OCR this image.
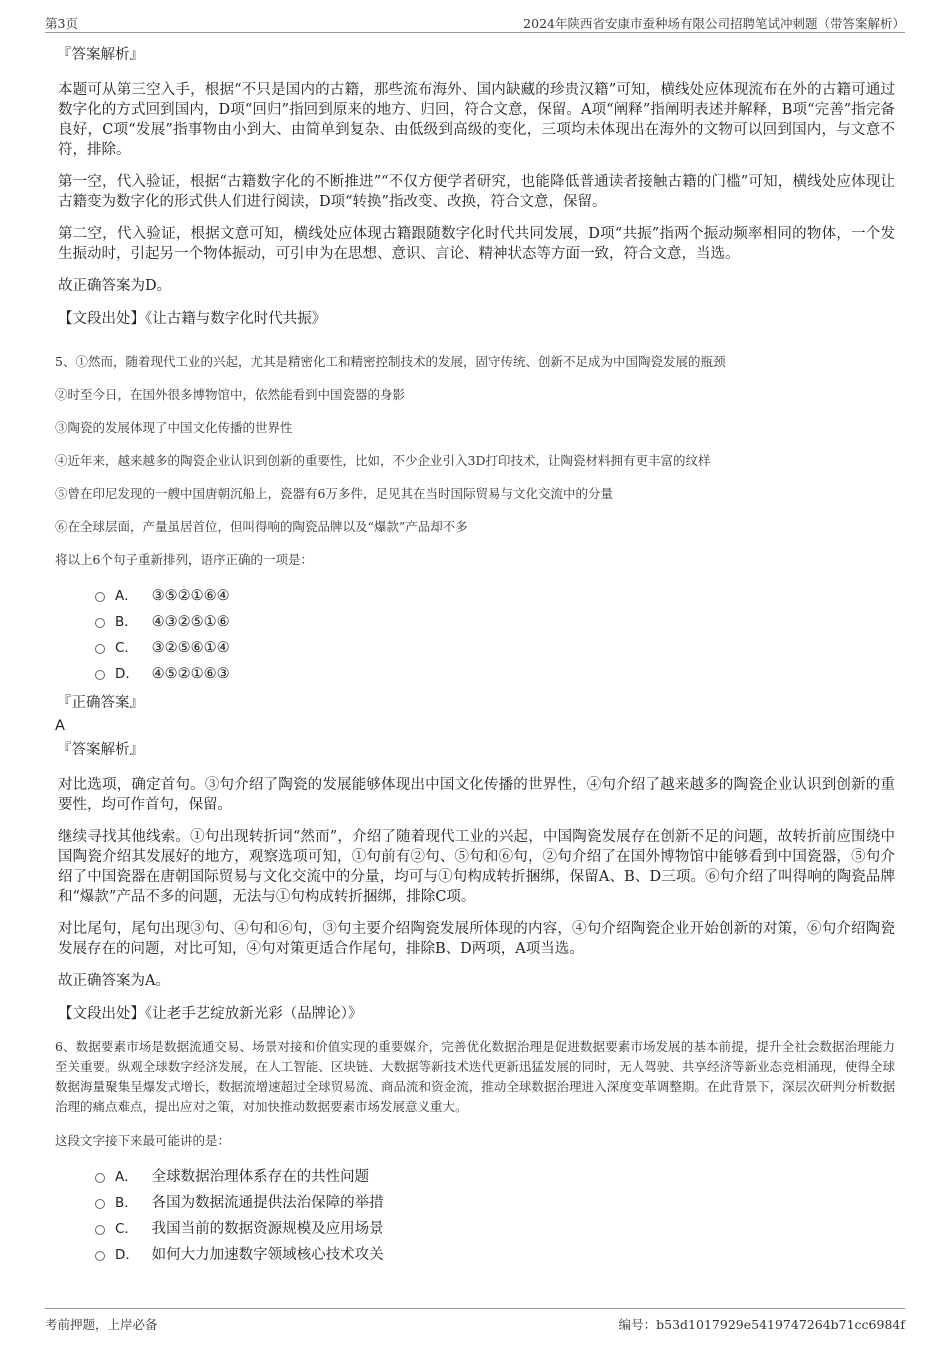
第3页	2024年陕西省安康市蚕种场有限公司招聘笔试冲刺题（带答案解析）
『答案解析』
本题可从第三空入手，根据“不只是国内的古籍，那些流布海外、国内缺藏的珍贵汉籍”可知，横线处应体现流布在外的古籍可通过数字化的方式回到国内，D项“回归”指回到原来的地方、归回，符合文意，保留。A项“阐释”指阐明表述并解释，B项“完善”指完备良好，C项“发展”指事物由小到大、由简单到复杂、由低级到高级的变化，三项均未体现出在海外的文物可以回到国内，与文意不符，排除。
第一空，代入验证，根据“古籍数字化的不断推进”“不仅方便学者研究，也能降低普通读者接触古籍的门槛”可知，横线处应体现让古籍变为数字化的形式供人们进行阅读，D项“转换”指改变、改换，符合文意，保留。
第二空，代入验证，根据文意可知，横线处应体现古籍跟随数字化时代共同发展，D项“共振”指两个振动频率相同的物体，一个发生振动时，引起另一个物体振动，可引申为在思想、意识、言论、精神状态等方面一致，符合文意，当选。
故正确答案为D。
【文段出处】《让古籍与数字化时代共振》
5、①然而，随着现代工业的兴起，尤其是精密化工和精密控制技术的发展，固守传统、创新不足成为中国陶瓷发展的瓶颈
②时至今日，在国外很多博物馆中，依然能看到中国瓷器的身影
③陶瓷的发展体现了中国文化传播的世界性
④近年来，越来越多的陶瓷企业认识到创新的重要性，比如，不少企业引入3D打印技术，让陶瓷材料拥有更丰富的纹样
⑤曾在印尼发现的一艘中国唐朝沉船上，瓷器有6万多件，足见其在当时国际贸易与文化交流中的分量
⑥在全球层面，产量虽居首位，但叫得响的陶瓷品牌以及“爆款”产品却不多
将以上6个句子重新排列，语序正确的一项是：
A． ③⑤②①⑥④
B． ④③②⑤①⑥
C． ③②⑤⑥①④
D． ④⑤②①⑥③
『正确答案』
A
『答案解析』
对比选项，确定首句。③句介绍了陶瓷的发展能够体现出中国文化传播的世界性，④句介绍了越来越多的陶瓷企业认识到创新的重要性，均可作首句，保留。
继续寻找其他线索。①句出现转折词“然而”，介绍了随着现代工业的兴起，中国陶瓷发展存在创新不足的问题，故转折前应围绕中国陶瓷介绍其发展好的地方，观察选项可知，①句前有②句、⑤句和⑥句，②句介绍了在国外博物馆中能够看到中国瓷器，⑤句介绍了中国瓷器在唐朝国际贸易与文化交流中的分量，均可与①句构成转折捆绑，保留A、B、D三项。⑥句介绍了叫得响的陶瓷品牌和“爆款”产品不多的问题，无法与①句构成转折捆绑，排除C项。
对比尾句，尾句出现③句、④句和⑥句，③句主要介绍陶瓷发展所体现的内容，④句介绍陶瓷企业开始创新的对策，⑥句介绍陶瓷发展存在的问题，对比可知，④句对策更适合作尾句，排除B、D两项，A项当选。
故正确答案为A。
【文段出处】《让老手艺绽放新光彩（品牌论）》
6、数据要素市场是数据流通交易、场景对接和价值实现的重要媒介，完善优化数据治理是促进数据要素市场发展的基本前提，提升全社会数据治理能力至关重要。纵观全球数字经济发展，在人工智能、区块链、大数据等新技术迭代更新迅猛发展的同时，无人驾驶、共享经济等新业态竞相涌现，使得全球数据海量聚集呈爆发式增长，数据流增速超过全球贸易流、商品流和资金流，推动全球数据治理进入深度变革调整期。在此背景下，深层次研判分析数据治理的痛点难点，提出应对之策，对加快推动数据要素市场发展意义重大。
这段文字接下来最可能讲的是：
A． 全球数据治理体系存在的共性问题
B． 各国为数据流通提供法治保障的举措
C． 我国当前的数据资源规模及应用场景
D． 如何大力加速数字领域核心技术攻关
考前押题，上岸必备	编号：b53d1017929e5419747264b71cc6984f
